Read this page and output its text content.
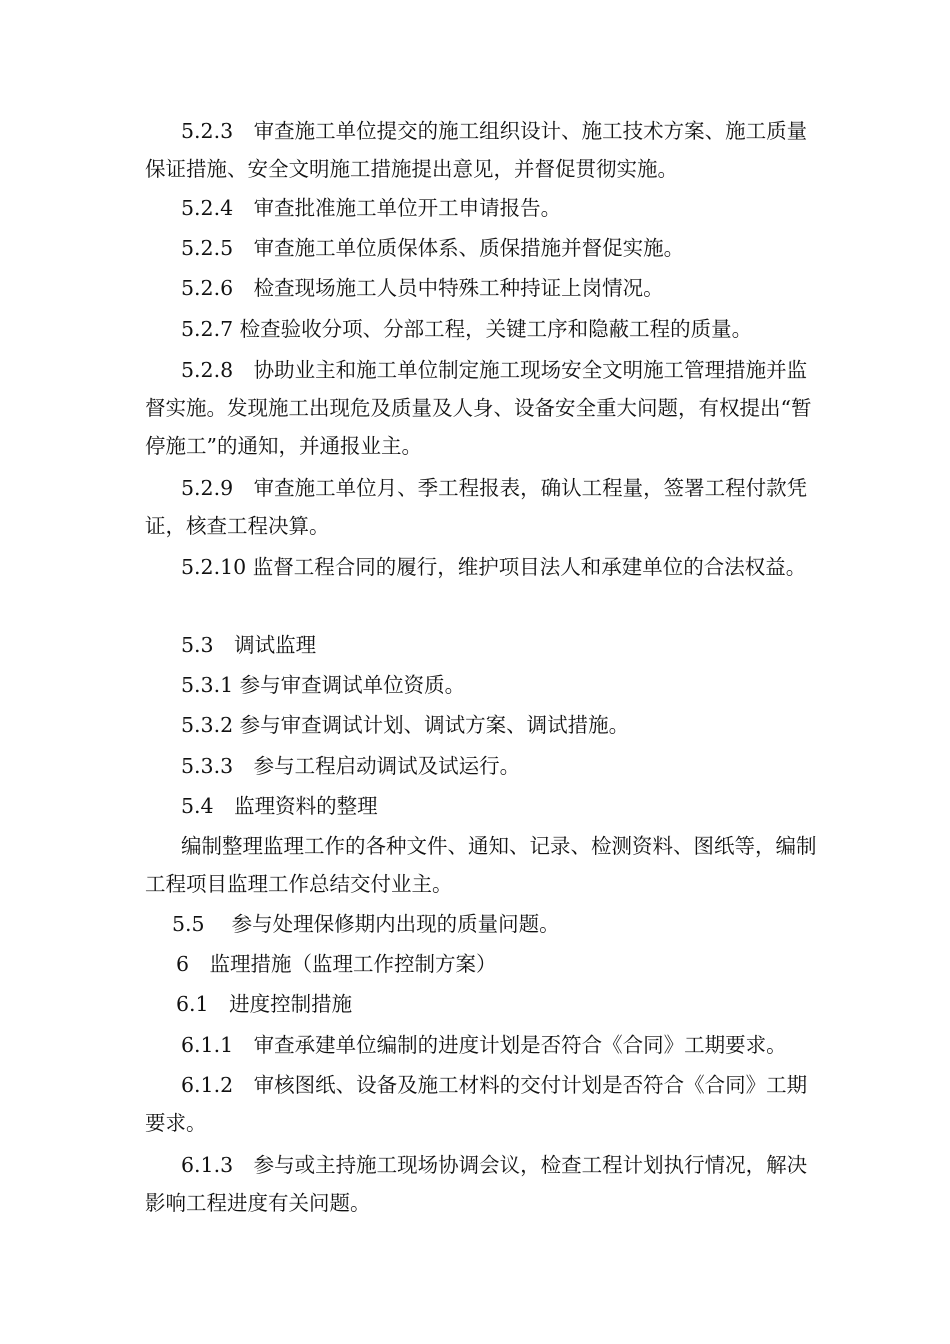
5.2.3　审查施工单位提交的施工组织设计、施工技术方案、施工质量保证措施、安全文明施工措施提出意见，并督促贯彻实施。

5.2.4　审查批准施工单位开工申请报告。

5.2.5　审查施工单位质保体系、质保措施并督促实施。

5.2.6　检查现场施工人员中特殊工种持证上岗情况。

5.2.7 检查验收分项、分部工程，关键工序和隐蔽工程的质量。

5.2.8　协助业主和施工单位制定施工现场安全文明施工管理措施并监督实施。发现施工出现危及质量及人身、设备安全重大问题，有权提出“暂停施工”的通知，并通报业主。

5.2.9　审查施工单位月、季工程报表，确认工程量，签署工程付款凭证，核查工程决算。

5.2.10 监督工程合同的履行，维护项目法人和承建单位的合法权益。

5.3　调试监理

5.3.1 参与审查调试单位资质。

5.3.2 参与审查调试计划、调试方案、调试措施。

5.3.3　参与工程启动调试及试运行。

5.4　监理资料的整理

编制整理监理工作的各种文件、通知、记录、检测资料、图纸等，编制工程项目监理工作总结交付业主。

5.5　 参与处理保修期内出现的质量问题。

6　监理措施（监理工作控制方案）

6.1　进度控制措施

6.1.1　审查承建单位编制的进度计划是否符合《合同》工期要求。

6.1.2　审核图纸、设备及施工材料的交付计划是否符合《合同》工期要求。

6.1.3　参与或主持施工现场协调会议，检查工程计划执行情况，解决影响工程进度有关问题。
